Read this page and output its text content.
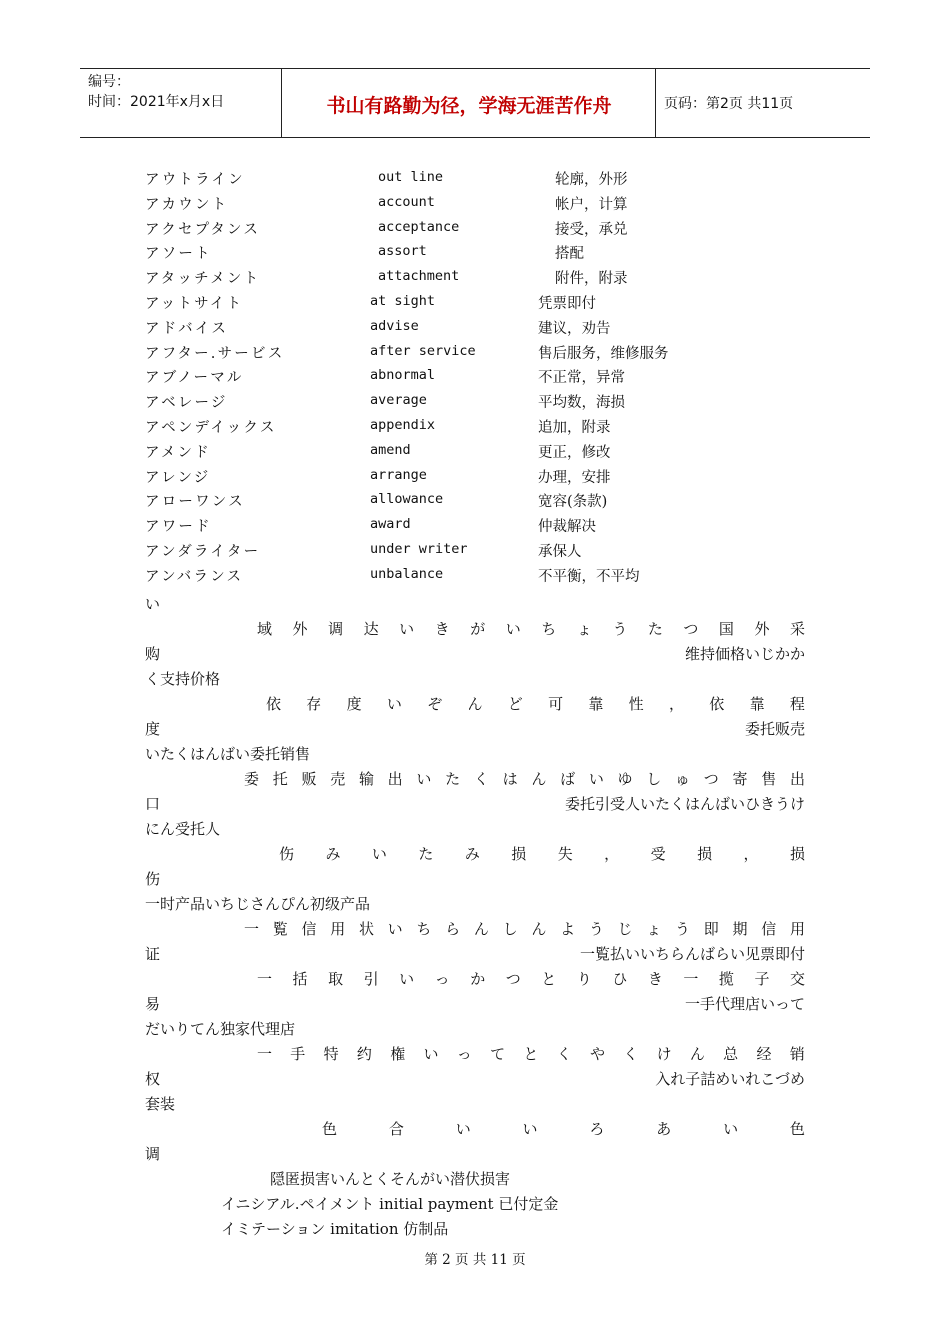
编号：
时间：2021年x月x日	书山有路勤为径，学海无涯苦作舟	页码：第2页 共11页
アウトライン	out line	轮廓，外形
アカウント	account	帐户，计算
アクセプタンス	acceptance	接受，承兑
アソート	assort	搭配
アタッチメント	attachment	附件，附录
アットサイト	at sight	凭票即付
アドバイス	advise	建议，劝告
アフター.サービス	after service	售后服务，维修服务
アブノーマル	abnormal	不正常，异常
アベレージ	average	平均数，海损
アペンデイックス	appendix	追加，附录
アメンド	amend	更正，修改
アレンジ	arrange	办理，安排
アローワンス	allowance	宽容(条款)
アワード	award	仲裁解决
アンダライター	under writer	承保人
アンバランス	unbalance	不平衡，不平均
い
域 外 调 达 い き が い ち ょ う た つ 国 外 采
购	维持価格いじかか
く支持价格
依 存 度 い ぞ ん ど 可 靠 性 ， 依 靠 程
度	委托贩売
いたくはんばい委托销售
委 托 贩 売 输 出 い た く は ん ば い ゆ し ゅ つ 寄 售 出
口	委托引受人いたくはんばいひきうけ
にん受托人
伤 み い た み 损 失 ， 受 损 ， 损
伤
一时产品いちじさんぴん初级产品
一 覧 信 用 状 い ち ら ん し ん よ う じ ょ う 即 期 信 用
证	一覧払いいちらんばらい见票即付
一 括 取 引 い っ か つ と り ひ き 一 揽 子 交
易	一手代理店いって
だいりてん独家代理店
一 手 特 约 権 い っ て と く や く け ん 总 经 销
权	入れ子詰めいれこづめ
套装
色	合	い	い	ろ	あ	い	色
调
隠匿损害いんとくそんがい潜伏损害
イニシアル.ペイメント initial payment 已付定金
イミテーション imitation 仿制品
第 2 页 共 11 页
